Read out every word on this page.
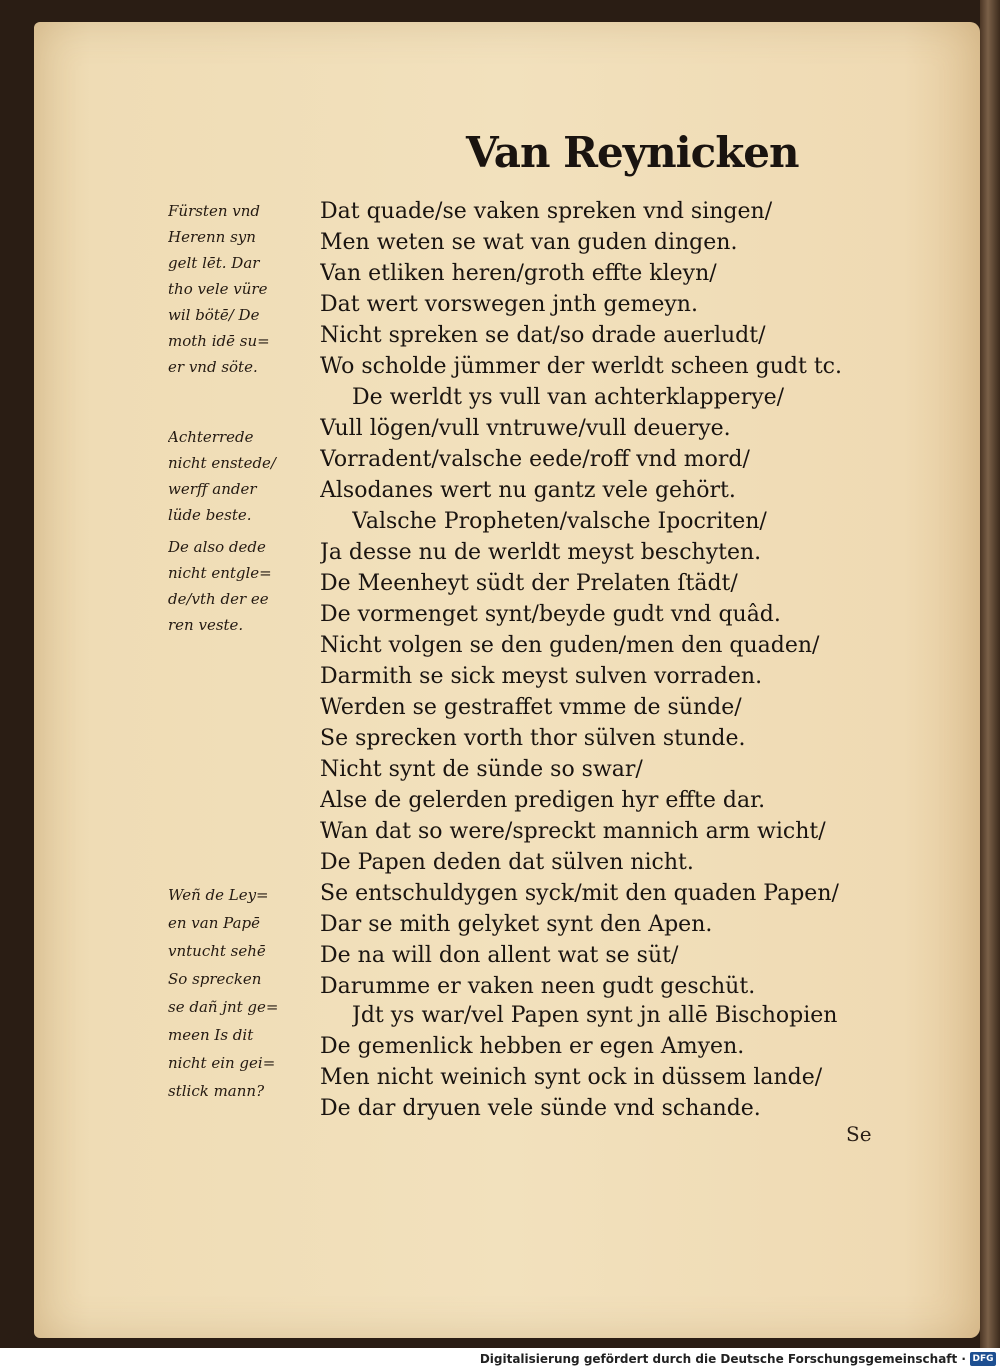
Van Reynicken
Dat quade/se vaken spreken vnd singen/
Men weten se wat van guden dingen.
Van etliken heren/groth effte kleyn/
Dat wert vorswegen jnth gemeyn.
Nicht spreken se dat/so drade auerludt/
Wo scholde jümmer der werldt scheen gudt tc.
De werldt ys vull van achterklapperye/
Vull lögen/vull vntruwe/vull deuerye.
Vorradent/valsche eede/roff vnd mord/
Alsodanes wert nu gantz vele gehört.
Valsche Propheten/valsche Ipocriten/
Ja desse nu de werldt meyst beschyten.
De Meenheyt südt der Prelaten ſtädt/
De vormenget synt/beyde gudt vnd quâd.
Nicht volgen se den guden/men den quaden/
Darmith se sick meyst sulven vorraden.
Werden se gestraffet vmme de sünde/
Se sprecken vorth thor sülven stunde.
Nicht synt de sünde so swar/
Alse de gelerden predigen hyr effte dar.
Wan dat so were/spreckt mannich arm wicht/
De Papen deden dat sülven nicht.
Se entschuldygen syck/mit den quaden Papen/
Dar se mith gelyket synt den Apen.
De na will don allent wat se süt/
Darumme er vaken neen gudt geschüt.
Jdt ys war/vel Papen synt jn allē Bischopien
De gemenlick hebben er egen Amyen.
Men nicht weinich synt ock in düssem lande/
De dar dryuen vele sünde vnd schande.
Fürsten vnd
Herenn syn
gelt lēt. Dar
tho vele vüre
wil bötē/ De
moth idē su=
er vnd söte.
Achterrede
nicht enstede/
werff ander
lüde beste.
De also dede
nicht entgle=
de/vth der ee
ren veste.
Weñ de Ley=
en van Papē
vntucht sehē
So sprecken
se dañ jnt ge=
meen Is dit
nicht ein gei=
stlick mann?
Se
Digitalisierung gefördert durch die Deutsche Forschungsgemeinschaft · DFG
